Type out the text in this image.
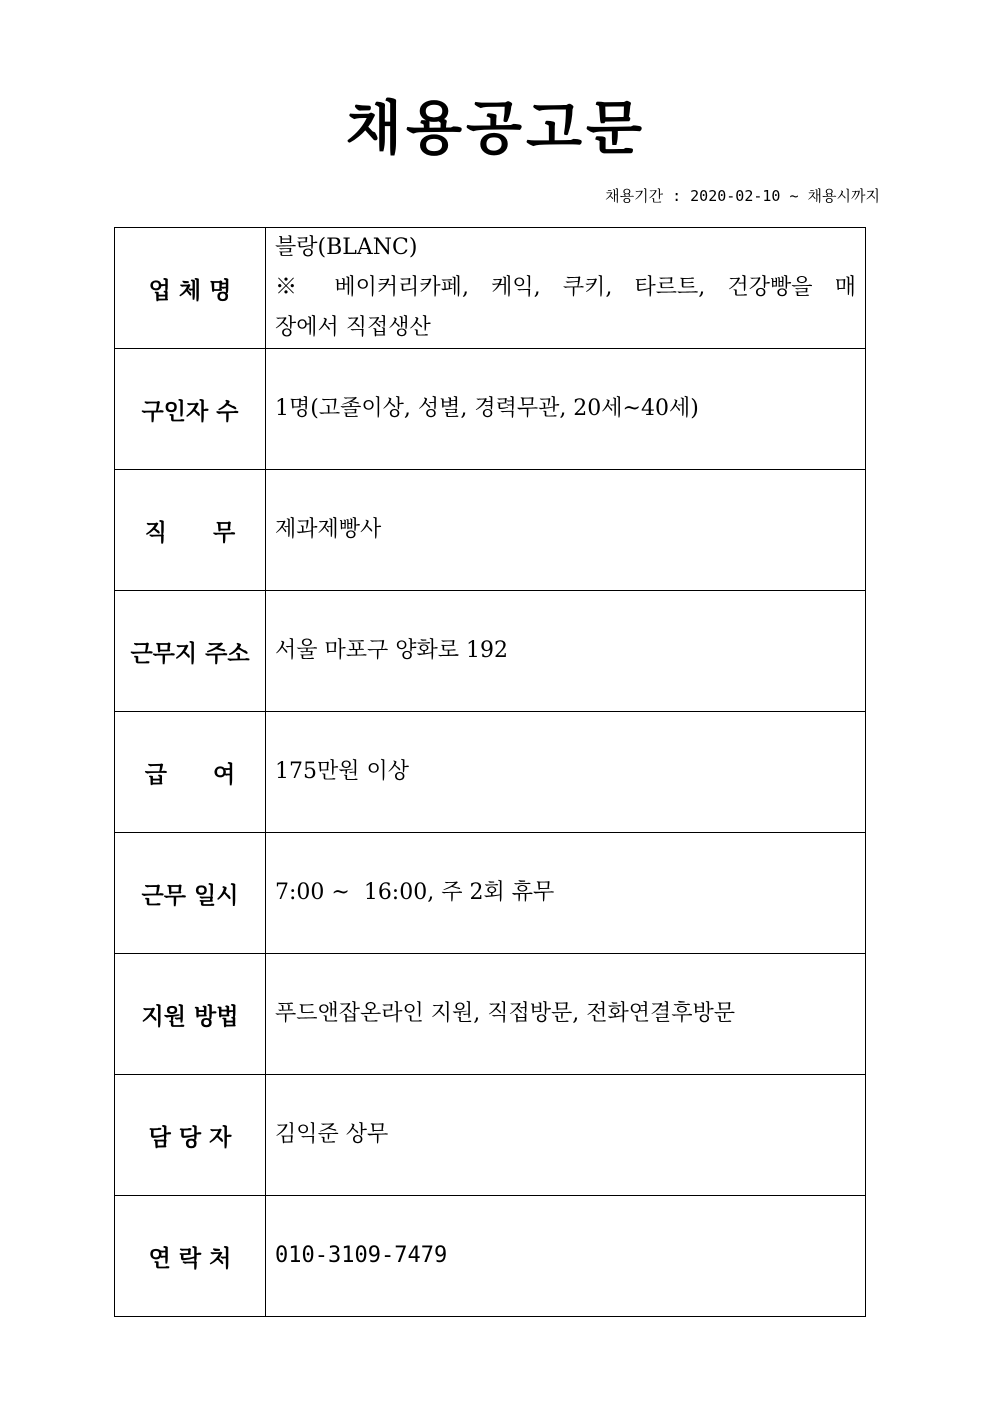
채용공고문
채용기간 : 2020-02-10 ~ 채용시까지
업 체 명	블랑(BLANC)
※ 베이커리카페, 케익, 쿠키, 타르트, 건강빵을 매
장에서 직접생산

구인자 수	1명(고졸이상, 성별, 경력무관, 20세~40세)
직　　무	제과제빵사
근무지 주소	서울 마포구 양화로 192
급　　여	175만원 이상
근무 일시	7:00 ~  16:00, 주 2회 휴무
지원 방법	푸드앤잡온라인 지원, 직접방문, 전화연결후방문
담 당 자	김익준 상무
연 락 처	010-3109-7479
